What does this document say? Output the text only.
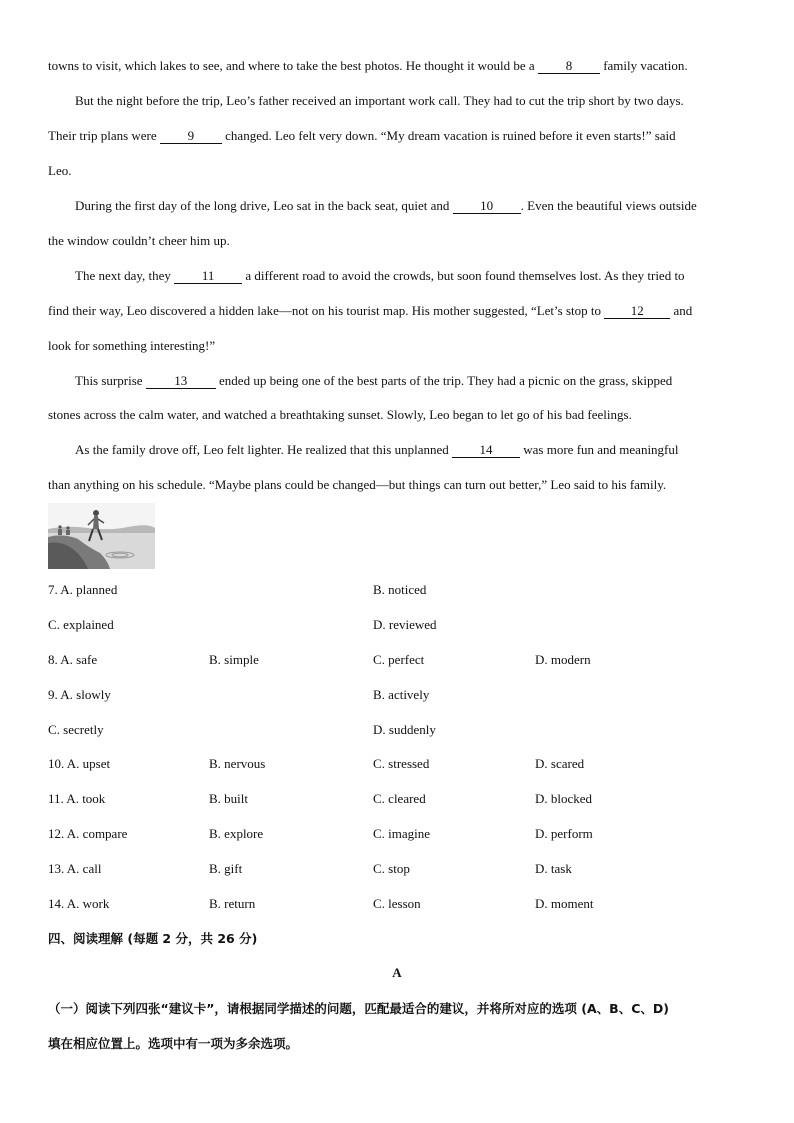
towns to visit, which lakes to see, and where to take the best photos. He thought it would be a 8 family vacation.
But the night before the trip, Leo’s father received an important work call. They had to cut the trip short by two days.
Their trip plans were 9 changed. Leo felt very down. “My dream vacation is ruined before it even starts!” said
Leo.
During the first day of the long drive, Leo sat in the back seat, quiet and 10 . Even the beautiful views outside
the window couldn’t cheer him up.
The next day, they 11 a different road to avoid the crowds, but soon found themselves lost. As they tried to
find their way, Leo discovered a hidden lake—not on his tourist map. His mother suggested, “Let’s stop to 12 and
look for something interesting!”
This surprise 13 ended up being one of the best parts of the trip. They had a picnic on the grass, skipped
stones across the calm water, and watched a breathtaking sunset. Slowly, Leo began to let go of his bad feelings.
As the family drove off, Leo felt lighter. He realized that this unplanned 14 was more fun and meaningful
than anything on his schedule. “Maybe plans could be changed—but things can turn out better,” Leo said to his family.
7. A. planned	B. noticed
C. explained	D. reviewed
8. A. safe	B. simple	C. perfect	D. modern
9. A. slowly	B. actively
C. secretly	D. suddenly
10. A. upset	B. nervous	C. stressed	D. scared
11. A. took	B. built	C. cleared	D. blocked
12. A. compare	B. explore	C. imagine	D. perform
13. A. call	B. gift	C. stop	D. task
14. A. work	B. return	C. lesson	D. moment
四、阅读理解 (每题 2 分，共 26 分)
A
（一）阅读下列四张“建议卡”，请根据同学描述的问题，匹配最适合的建议，并将所对应的选项 (A、B、C、D)
填在相应位置上。选项中有一项为多余选项。
